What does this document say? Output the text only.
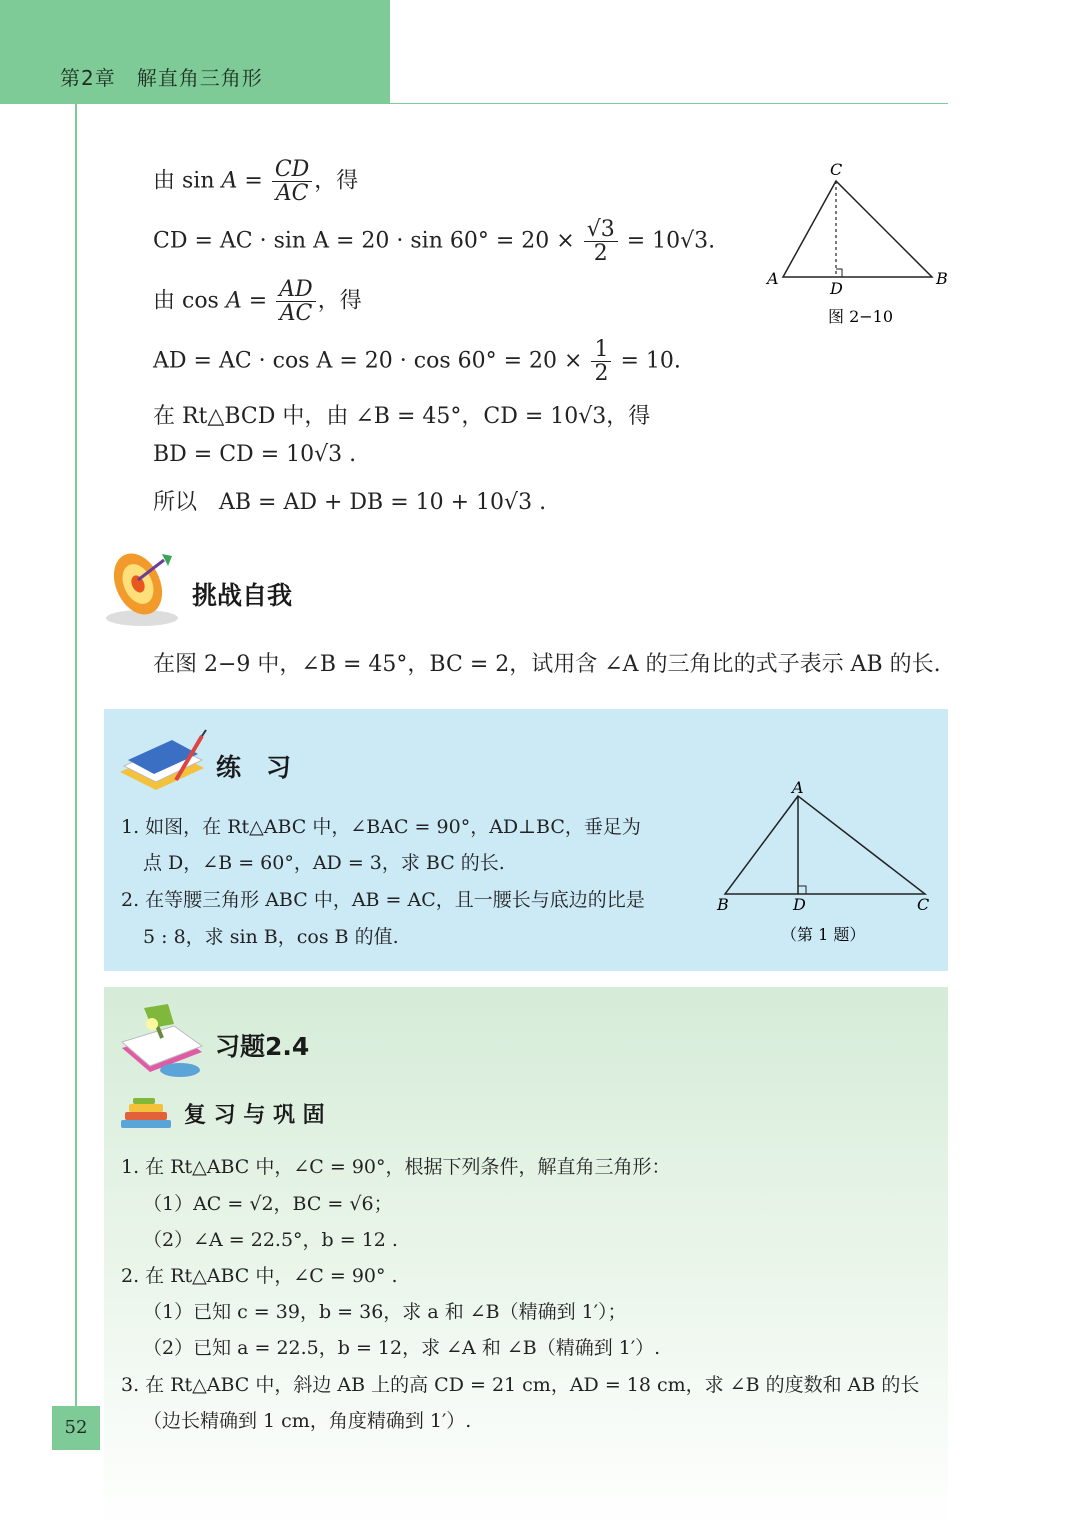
第2章　解直角三角形
由 $\sin A = \frac{CD}{AC}$ ，得
CD = AC · $\sin A = 20 \cdot \sin 60^\circ = 20 \times \frac{√3}{2} = 10√3$.
由 $\cos A = \frac{AD}{AC}$ ，得
AD = AC · $\cos A = 20 \cdot \cos 60^\circ = 20 \times \frac{1}{2} = 10$.
在 Rt△BCD 中，由 ∠B = 45°，CD = 10√3，得
BD = CD = 10√3 .
所以　AB = AD + DB = 10 + 10√3 .
C
A	B
D
图 2−10
挑战自我
在图 2−9 中，∠B = 45°，BC = 2，试用含 ∠A 的三角比的式子表示 AB 的长.
练　习
1. 如图，在 Rt△ABC 中，∠BAC = 90°，AD⊥BC，垂足为
点 D，∠B = 60°，AD = 3，求 BC 的长.
2. 在等腰三角形 ABC 中，AB = AC，且一腰长与底边的比是
5 : 8，求 sin B，cos B 的值.
A
B	D	C
（第 1 题）
习题2.4
复 习 与 巩 固
1. 在 Rt△ABC 中，∠C = 90°，根据下列条件，解直角三角形：
（1）AC = √2，BC = √6；
（2）∠A = 22.5°，b = 12 .
2. 在 Rt△ABC 中，∠C = 90° .
（1）已知 c = 39，b = 36，求 a 和 ∠B（精确到 1′）；
（2）已知 a = 22.5，b = 12，求 ∠A 和 ∠B（精确到 1′）.
3. 在 Rt△ABC 中，斜边 AB 上的高 CD = 21 cm，AD = 18 cm，求 ∠B 的度数和 AB 的长
（边长精确到 1 cm，角度精确到 1′）.
52
